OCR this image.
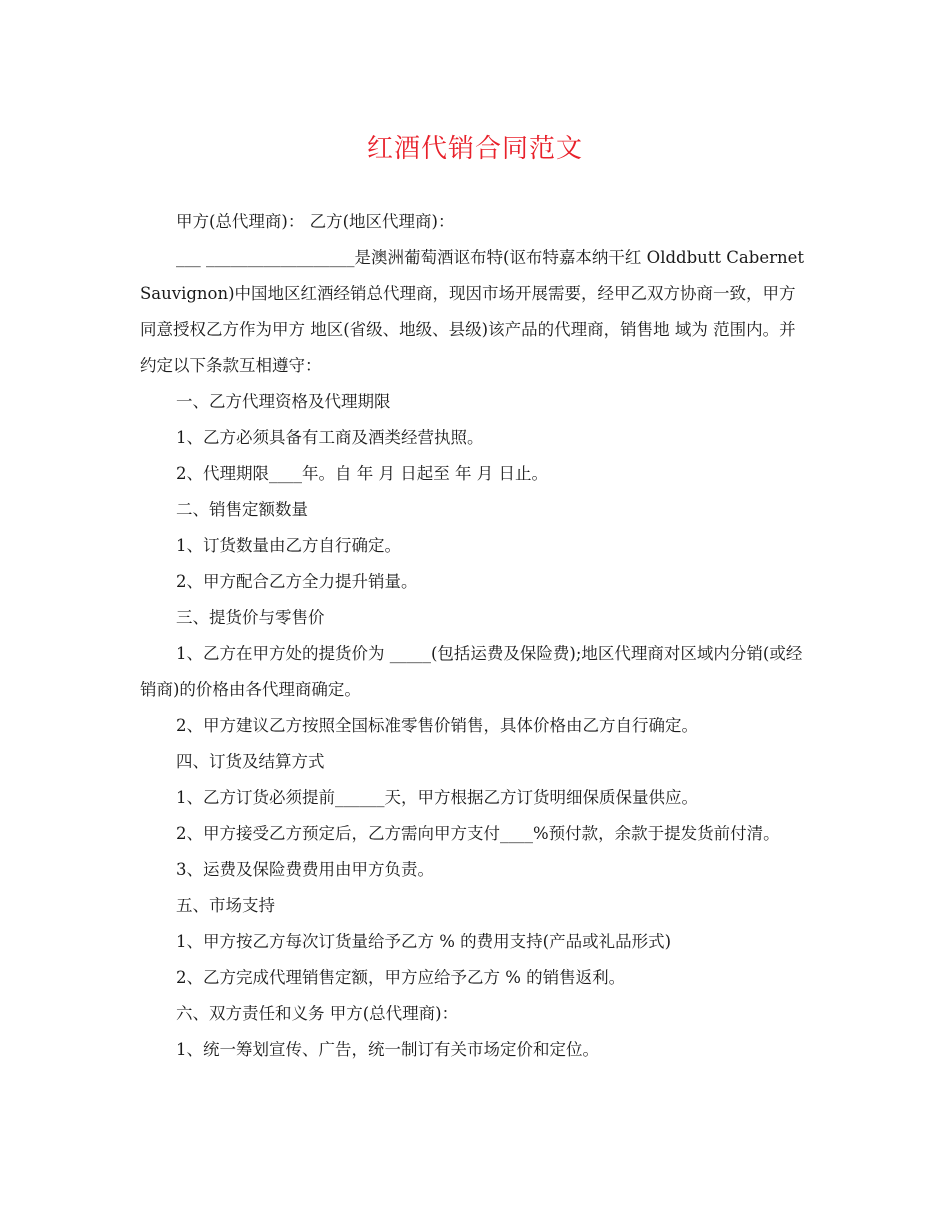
红酒代销合同范文

甲方(总代理商)： 乙方(地区代理商)：

___ __________________是澳洲葡萄酒讴布特(讴布特嘉本纳干红 Olddbutt Cabernet Sauvignon)中国地区红酒经销总代理商，现因市场开展需要，经甲乙双方协商一致，甲方同意授权乙方作为甲方 地区(省级、地级、县级)该产品的代理商，销售地 域为 范围内。并约定以下条款互相遵守：

一、乙方代理资格及代理期限

1、乙方必须具备有工商及酒类经营执照。

2、代理期限____年。自 年 月 日起至 年 月 日止。

二、销售定额数量

1、订货数量由乙方自行确定。

2、甲方配合乙方全力提升销量。

三、提货价与零售价

1、乙方在甲方处的提货价为 _____(包括运费及保险费);地区代理商对区域内分销(或经销商)的价格由各代理商确定。

2、甲方建议乙方按照全国标准零售价销售，具体价格由乙方自行确定。

四、订货及结算方式

1、乙方订货必须提前______天，甲方根据乙方订货明细保质保量供应。

2、甲方接受乙方预定后，乙方需向甲方支付____%预付款，余款于提发货前付清。

3、运费及保险费费用由甲方负责。

五、市场支持

1、甲方按乙方每次订货量给予乙方 % 的费用支持(产品或礼品形式)

2、乙方完成代理销售定额，甲方应给予乙方 % 的销售返利。

六、双方责任和义务 甲方(总代理商)：

1、统一筹划宣传、广告，统一制订有关市场定价和定位。
